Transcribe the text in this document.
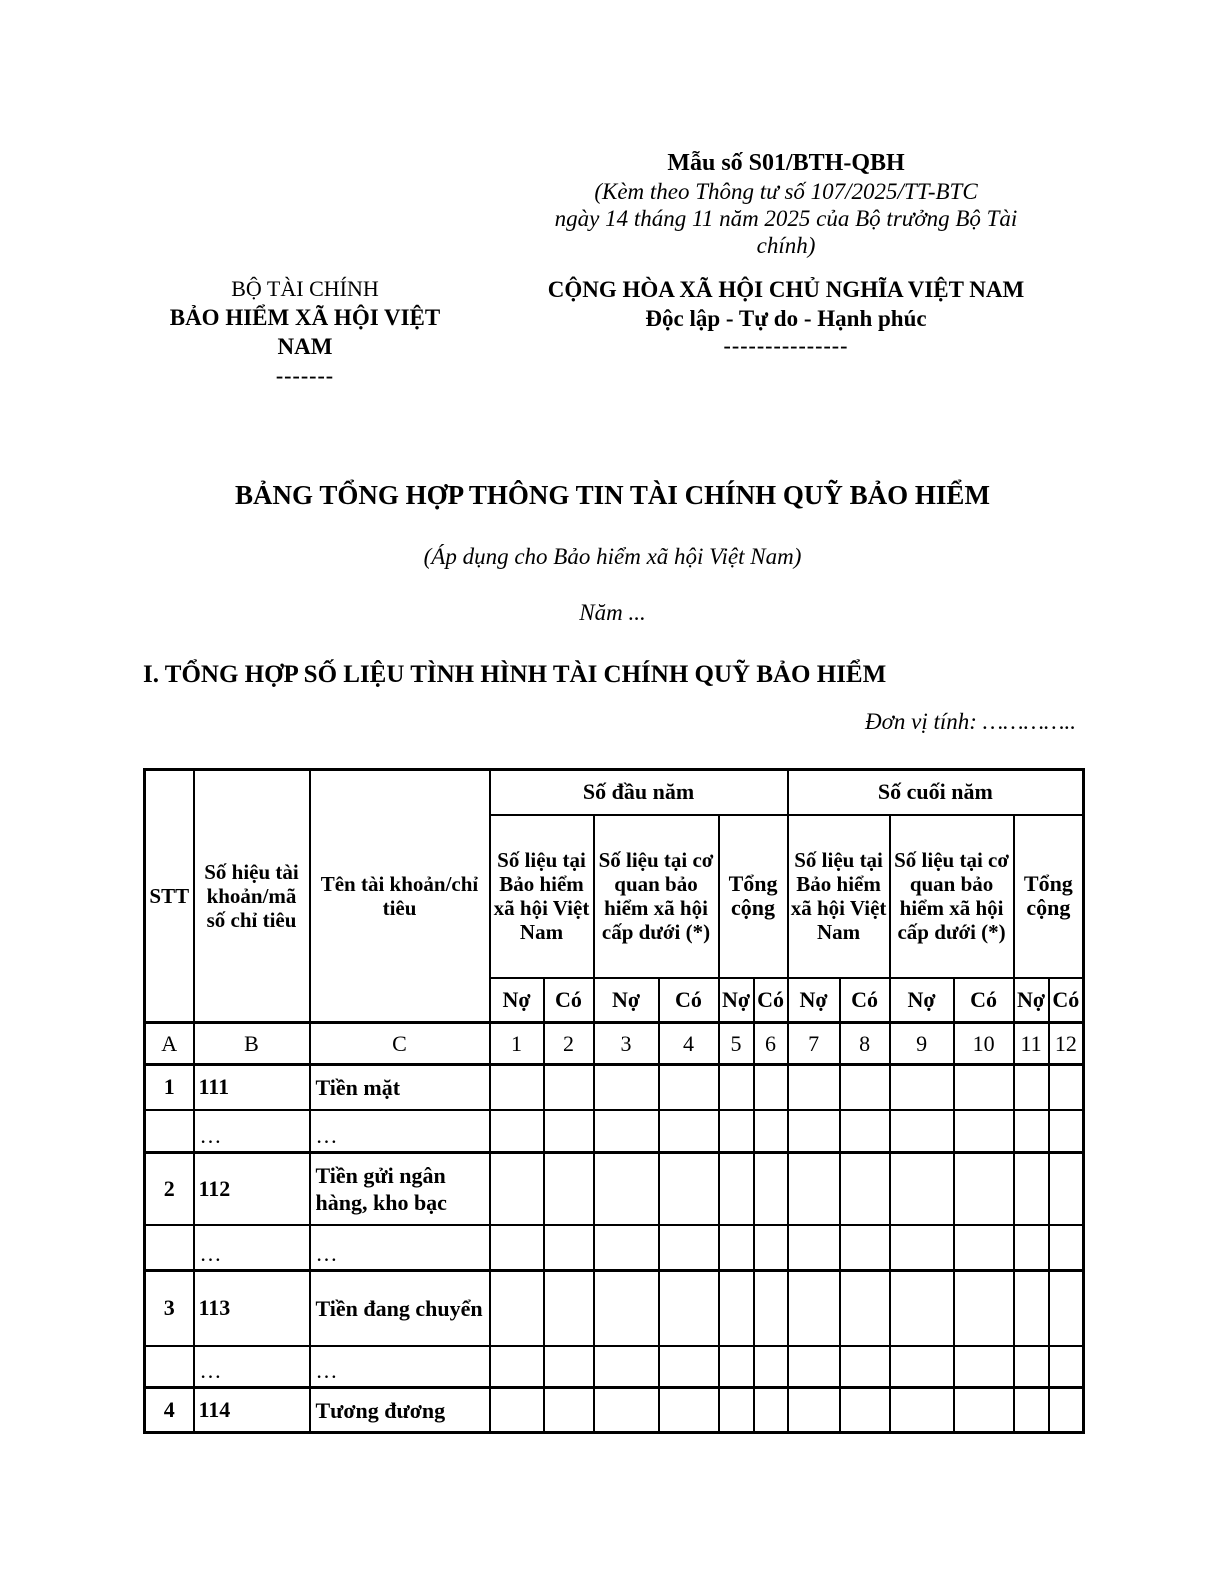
Mẫu số S01/BTH-QBH
(Kèm theo Thông tư số 107/2025/TT-BTC
ngày 14 tháng 11 năm 2025 của Bộ trưởng Bộ Tài
chính)
BỘ TÀI CHÍNH
BẢO HIỂM XÃ HỘI VIỆT NAM
-------
CỘNG HÒA XÃ HỘI CHỦ NGHĨA VIỆT NAM
Độc lập - Tự do - Hạnh phúc
---------------
BẢNG TỔNG HỢP THÔNG TIN TÀI CHÍNH QUỸ BẢO HIỂM
(Áp dụng cho Bảo hiểm xã hội Việt Nam)
Năm ...
I. TỔNG HỢP SỐ LIỆU TÌNH HÌNH TÀI CHÍNH QUỸ BẢO HIỂM
Đơn vị tính: …………..
STT	Số hiệu tài khoản/mã số chỉ tiêu	Tên tài khoản/chỉ tiêu	Số đầu năm						Số cuối năm					
			Số liệu tại Bảo hiểm xã hội Việt Nam		Số liệu tại cơ quan bảo hiểm xã hội cấp dưới (*)		Tổng cộng		Số liệu tại Bảo hiểm xã hội Việt Nam		Số liệu tại cơ quan bảo hiểm xã hội cấp dưới (*)		Tổng cộng	
			Nợ	Có	Nợ	Có	Nợ	Có	Nợ	Có	Nợ	Có	Nợ	Có
A	B	C	1	2	3	4	5	6	7	8	9	10	11	12
1	111	Tiền mặt												
	…	…												
2	112	Tiền gửi ngân hàng, kho bạc												
	…	…												
3	113	Tiền đang chuyển												
	…	…												
4	114	Tương đương												
